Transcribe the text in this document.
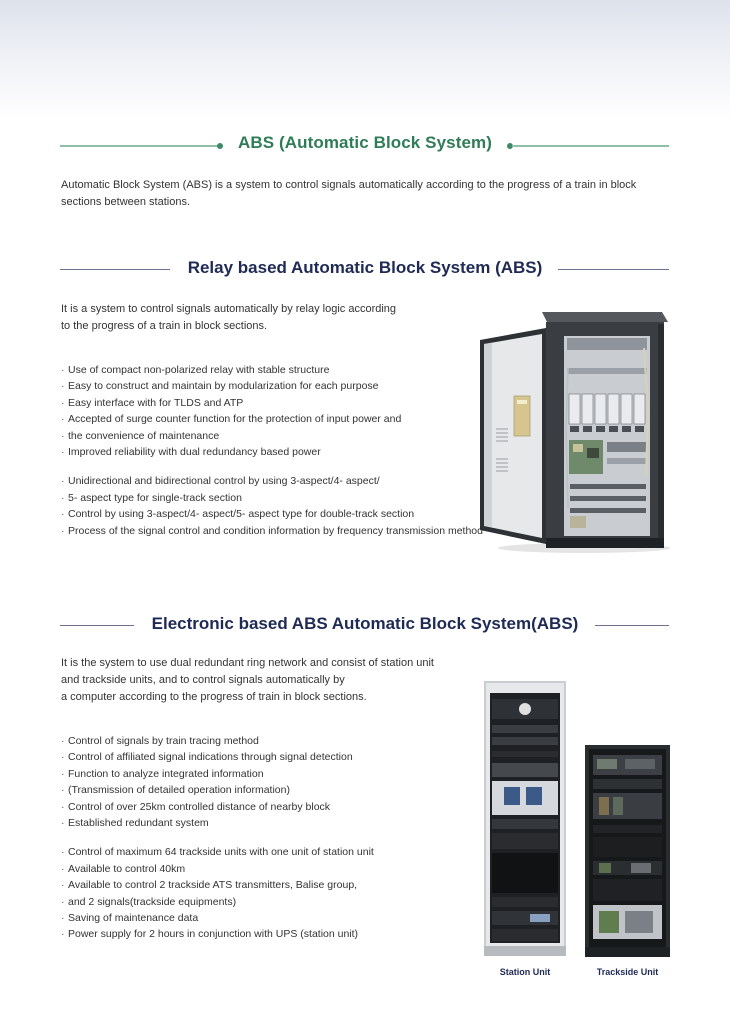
ABS (Automatic Block System)
Automatic Block System (ABS) is a system to control signals automatically according to the progress of a train in block
sections between stations.
Relay based Automatic Block System (ABS)
It is a system to control signals automatically by relay logic according
to the progress of a train in block sections.
· Use of compact non-polarized relay with stable structure
· Easy to construct and maintain by modularization for each purpose
· Easy interface with for TLDS and ATP
· Accepted of surge counter function for the protection of input power and
· the convenience of maintenance
· Improved reliability with dual redundancy based power
· Unidirectional and bidirectional control by using 3-aspect/4- aspect/
· 5- aspect type for single-track section
· Control by using 3-aspect/4- aspect/5- aspect type for double-track section
· Process of the signal control and condition information by frequency transmission method
Electronic based ABS Automatic Block System(ABS)
It is the system to use dual redundant ring network and consist of station unit
and trackside units, and to control signals automatically by
a computer according to the progress of train in block sections.
· Control of signals by train tracing method
· Control of affiliated signal indications through signal detection
· Function to analyze integrated information
· (Transmission of detailed operation information)
· Control of over 25km controlled distance of nearby block
· Established redundant system
· Control of maximum 64 trackside units with one unit of station unit
· Available to control 40km
· Available to control 2 trackside ATS transmitters, Balise group,
· and 2 signals(trackside equipments)
· Saving of maintenance data
· Power supply for 2 hours in conjunction with UPS (station unit)
Station Unit	Trackside Unit
